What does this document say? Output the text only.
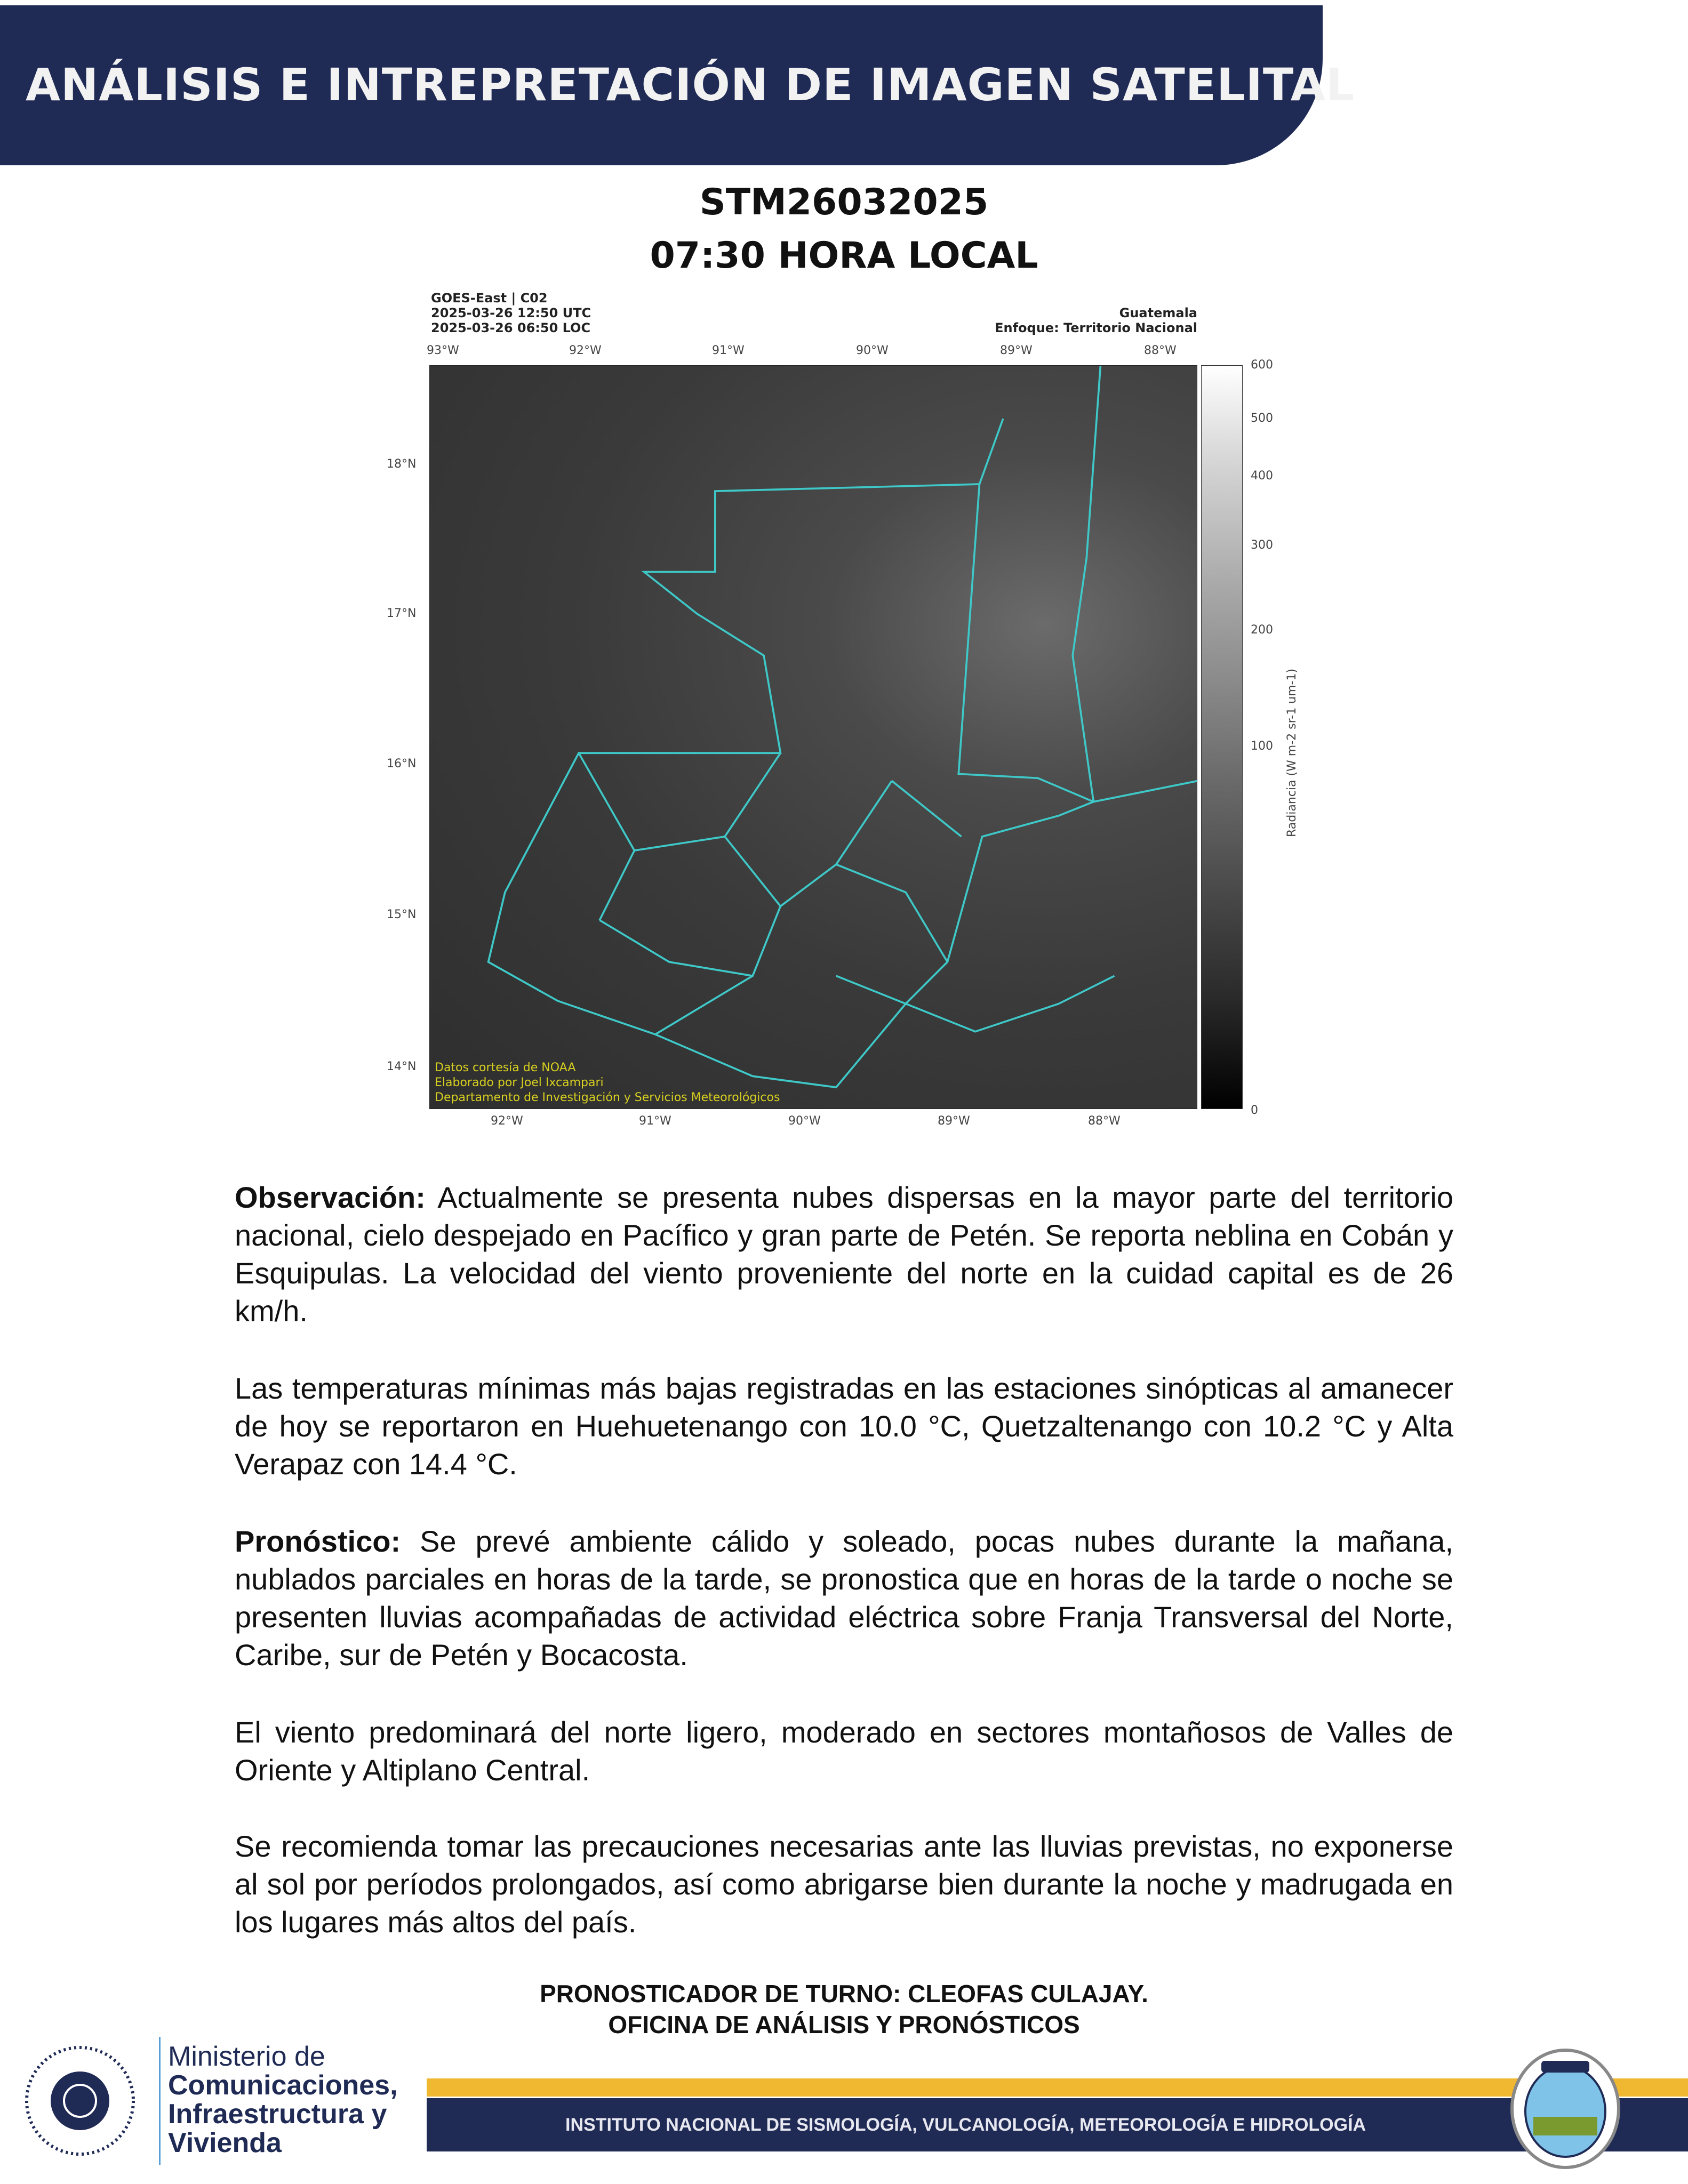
ANÁLISIS E INTREPRETACIÓN DE IMAGEN SATELITAL
STM26032025
07:30 HORA LOCAL
GOES-East | C02
2025-03-26 12:50 UTC
2025-03-26 06:50 LOC
Guatemala
Enfoque: Territorio Nacional
93°W	92°W	91°W	90°W	89°W	88°W
18°N
17°N
16°N
15°N
14°N Datos cortesía de NOAA
Elaborado por Joel Ixcampari
Departamento de Investigación y Servicios Meteorológicos
92°W	91°W	90°W	89°W	88°W
600
500
400
300
200
100
0
Radiancia (W m-2 sr-1 um-1)

Observación: Actualmente se presenta nubes dispersas en la mayor parte del territorio nacional, cielo despejado en Pacífico y gran parte de Petén. Se reporta neblina en Cobán y Esquipulas. La velocidad del viento proveniente del norte en la cuidad capital es de 26 km/h.

Las temperaturas mínimas más bajas registradas en las estaciones sinópticas al amanecer de hoy se reportaron en Huehuetenango con 10.0 °C, Quetzaltenango con 10.2 °C y Alta Verapaz con 14.4 °C.

Pronóstico: Se prevé ambiente cálido y soleado, pocas nubes durante la mañana, nublados parciales en horas de la tarde, se pronostica que en horas de la tarde o noche se presenten lluvias acompañadas de actividad eléctrica sobre Franja Transversal del Norte, Caribe, sur de Petén y Bocacosta.

El viento predominará del norte ligero, moderado en sectores montañosos de Valles de Oriente y Altiplano Central.

Se recomienda tomar las precauciones necesarias ante las lluvias previstas, no exponerse al sol por períodos prolongados, así como abrigarse bien durante la noche y madrugada en los lugares más altos del país.

PRONOSTICADOR DE TURNO: CLEOFAS CULAJAY.
OFICINA DE ANÁLISIS Y PRONÓSTICOS
Ministerio de
Comunicaciones,
Infraestructura y
Vivienda
INSTITUTO NACIONAL DE SISMOLOGÍA, VULCANOLOGÍA, METEOROLOGÍA E HIDROLOGÍA
